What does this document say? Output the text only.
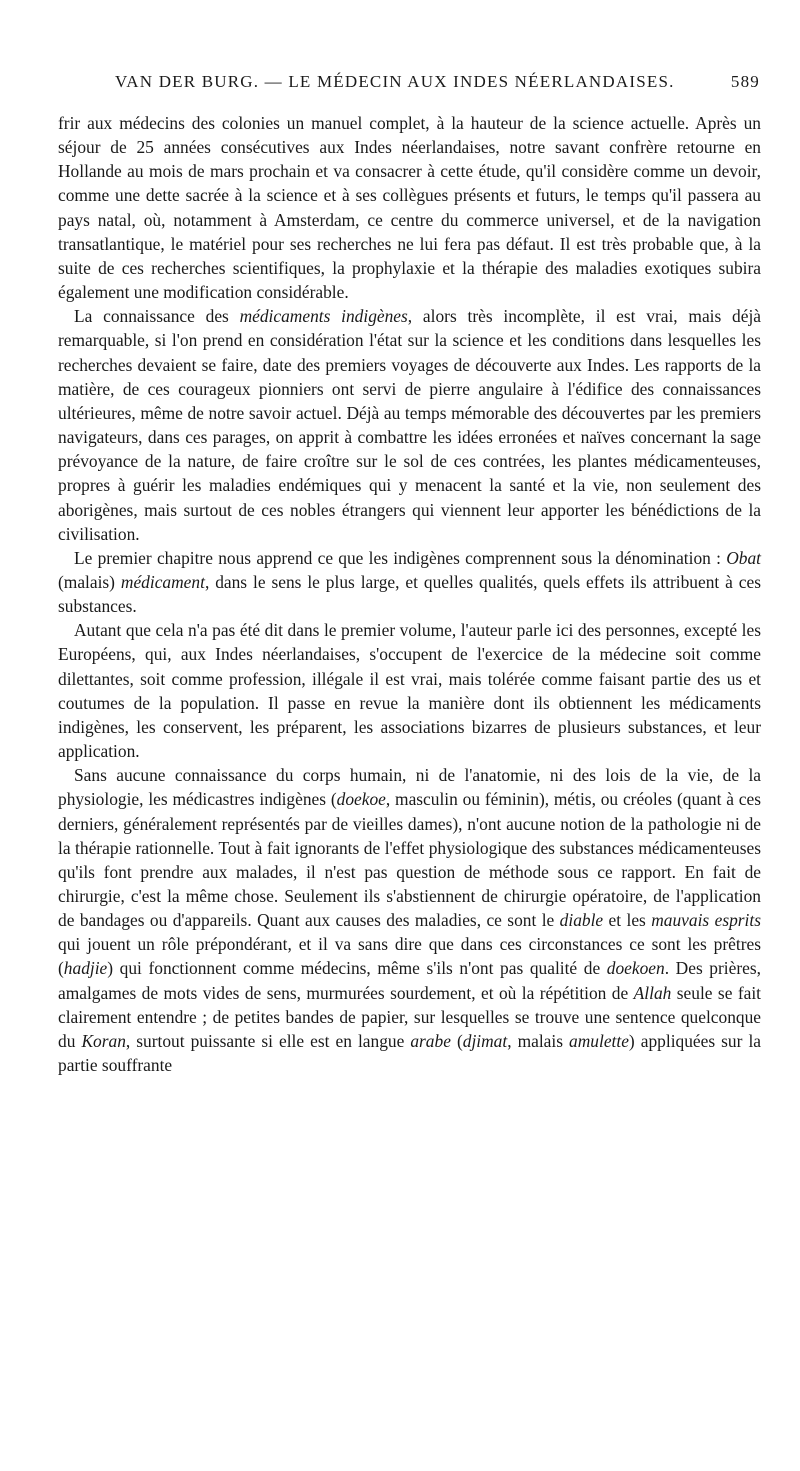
VAN DER BURG. — LE MÉDECIN AUX INDES NÉERLANDAISES.	589

frir aux médecins des colonies un manuel complet, à la hauteur de la science actuelle. Après un séjour de 25 années consécutives aux Indes néerlandaises, notre savant confrère retourne en Hollande au mois de mars prochain et va consacrer à cette étude, qu'il considère comme un devoir, comme une dette sacrée à la science et à ses collègues présents et futurs, le temps qu'il passera au pays natal, où, notamment à Amsterdam, ce centre du commerce universel, et de la navigation transatlantique, le matériel pour ses recherches ne lui fera pas défaut. Il est très probable que, à la suite de ces recherches scientifiques, la prophylaxie et la thérapie des maladies exotiques subira également une modification considérable.

La connaissance des médicaments indigènes, alors très incomplète, il est vrai, mais déjà remarquable, si l'on prend en considération l'état sur la science et les conditions dans lesquelles les recherches devaient se faire, date des premiers voyages de découverte aux Indes. Les rapports de la matière, de ces courageux pionniers ont servi de pierre angulaire à l'édifice des connaissances ultérieures, même de notre savoir actuel. Déjà au temps mémorable des découvertes par les premiers navigateurs, dans ces parages, on apprit à combattre les idées erronées et naïves concernant la sage prévoyance de la nature, de faire croître sur le sol de ces contrées, les plantes médicamenteuses, propres à guérir les maladies endémiques qui y menacent la santé et la vie, non seulement des aborigènes, mais surtout de ces nobles étrangers qui viennent leur apporter les bénédictions de la civilisation.

Le premier chapitre nous apprend ce que les indigènes comprennent sous la dénomination : Obat (malais) médicament, dans le sens le plus large, et quelles qualités, quels effets ils attribuent à ces substances.

Autant que cela n'a pas été dit dans le premier volume, l'auteur parle ici des personnes, excepté les Européens, qui, aux Indes néerlandaises, s'occupent de l'exercice de la médecine soit comme dilettantes, soit comme profession, illégale il est vrai, mais tolérée comme faisant partie des us et coutumes de la population. Il passe en revue la manière dont ils obtiennent les médicaments indigènes, les conservent, les préparent, les associations bizarres de plusieurs substances, et leur application.

Sans aucune connaissance du corps humain, ni de l'anatomie, ni des lois de la vie, de la physiologie, les médicastres indigènes (doekoe, masculin ou féminin), métis, ou créoles (quant à ces derniers, généralement représentés par de vieilles dames), n'ont aucune notion de la pathologie ni de la thérapie rationnelle. Tout à fait ignorants de l'effet physiologique des substances médicamenteuses qu'ils font prendre aux malades, il n'est pas question de méthode sous ce rapport. En fait de chirurgie, c'est la même chose. Seulement ils s'abstiennent de chirurgie opératoire, de l'application de bandages ou d'appareils. Quant aux causes des maladies, ce sont le diable et les mauvais esprits qui jouent un rôle prépondérant, et il va sans dire que dans ces circonstances ce sont les prêtres (hadjie) qui fonctionnent comme médecins, même s'ils n'ont pas qualité de doekoen. Des prières, amalgames de mots vides de sens, murmurées sourdement, et où la répétition de Allah seule se fait clairement entendre ; de petites bandes de papier, sur lesquelles se trouve une sentence quelconque du Koran, surtout puissante si elle est en langue arabe (djimat, malais amulette) appliquées sur la partie souffrante
